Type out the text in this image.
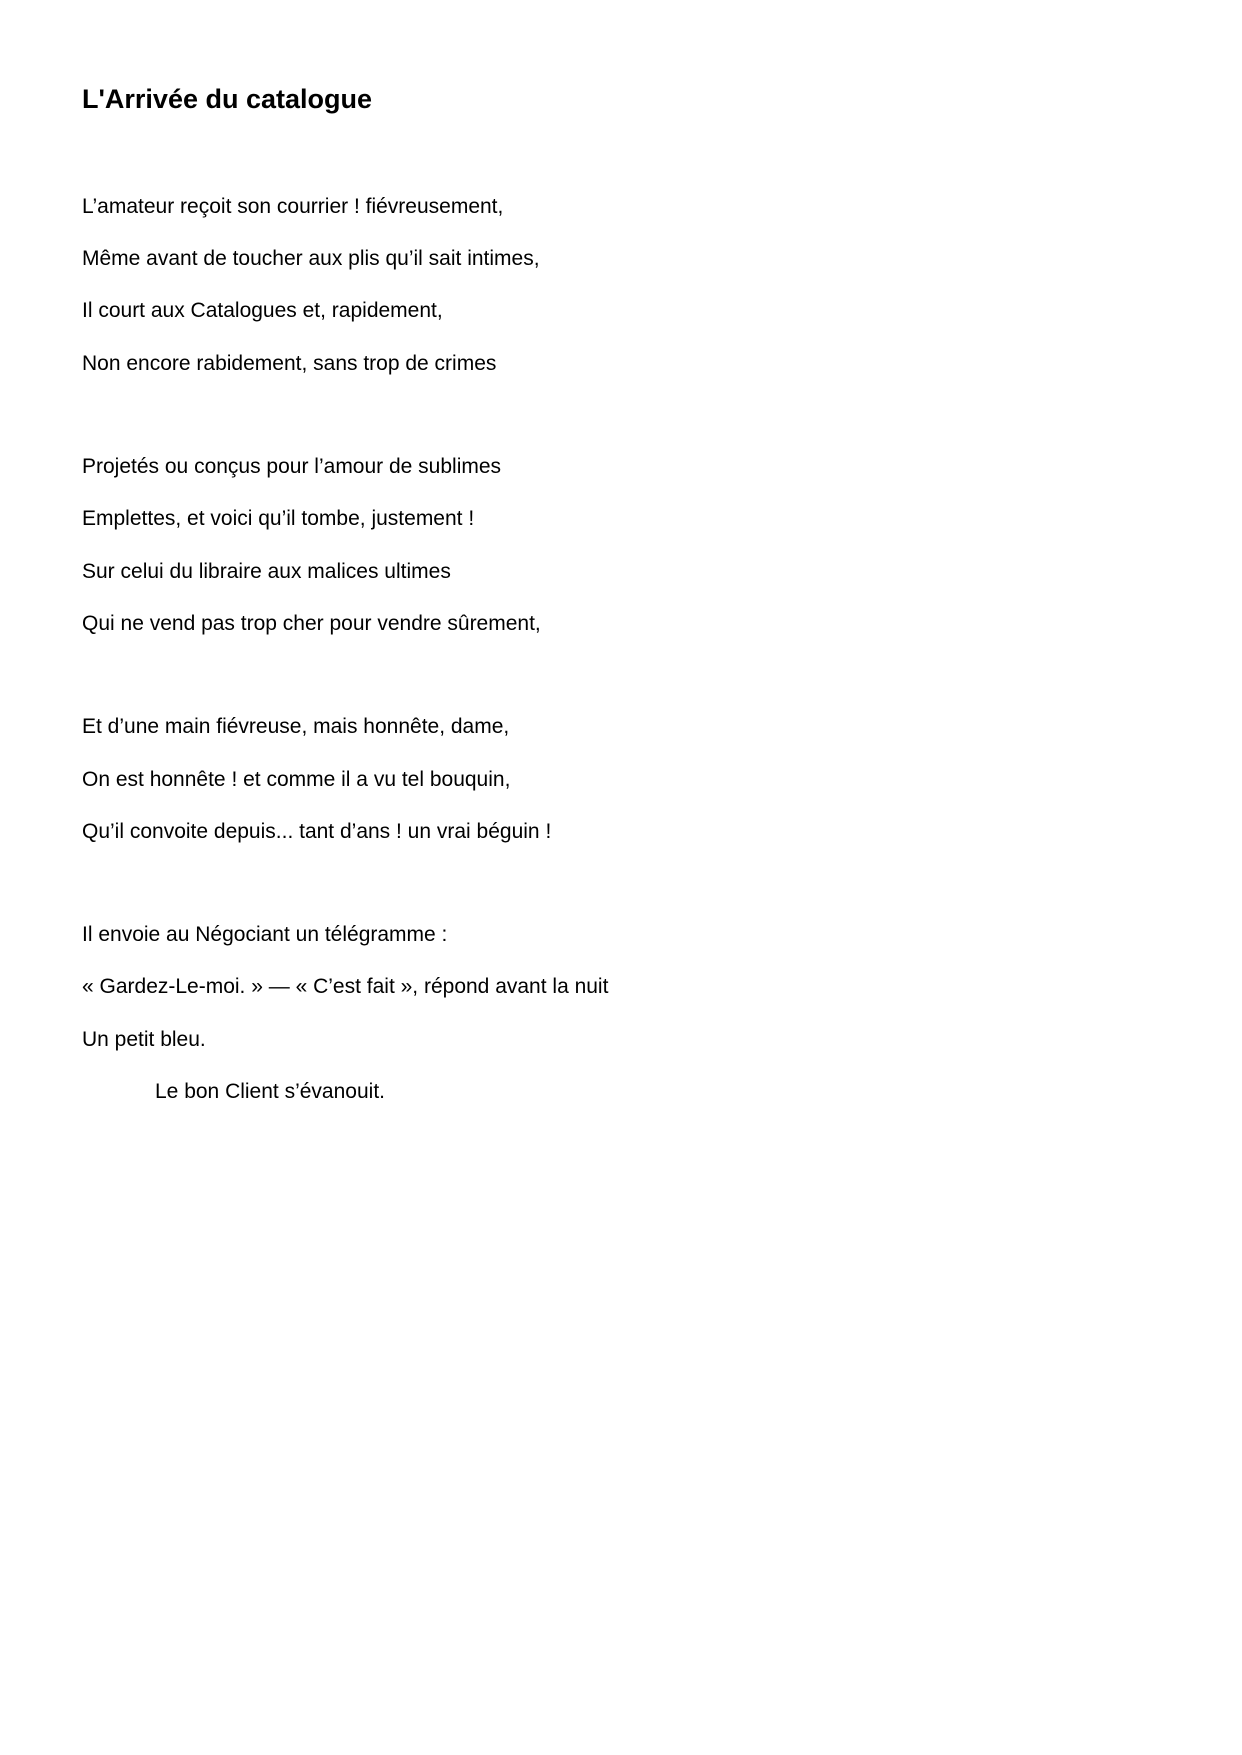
L'Arrivée du catalogue

L’amateur reçoit son courrier ! fiévreusement,

Même avant de toucher aux plis qu’il sait intimes,

Il court aux Catalogues et, rapidement,

Non encore rabidement, sans trop de crimes

Projetés ou conçus pour l’amour de sublimes

Emplettes, et voici qu’il tombe, justement !

Sur celui du libraire aux malices ultimes

Qui ne vend pas trop cher pour vendre sûrement,

Et d’une main fiévreuse, mais honnête, dame,

On est honnête ! et comme il a vu tel bouquin,

Qu’il convoite depuis... tant d’ans ! un vrai béguin !

Il envoie au Négociant un télégramme :

« Gardez-Le-moi. » — « C’est fait », répond avant la nuit

Un petit bleu.

Le bon Client s’évanouit.
